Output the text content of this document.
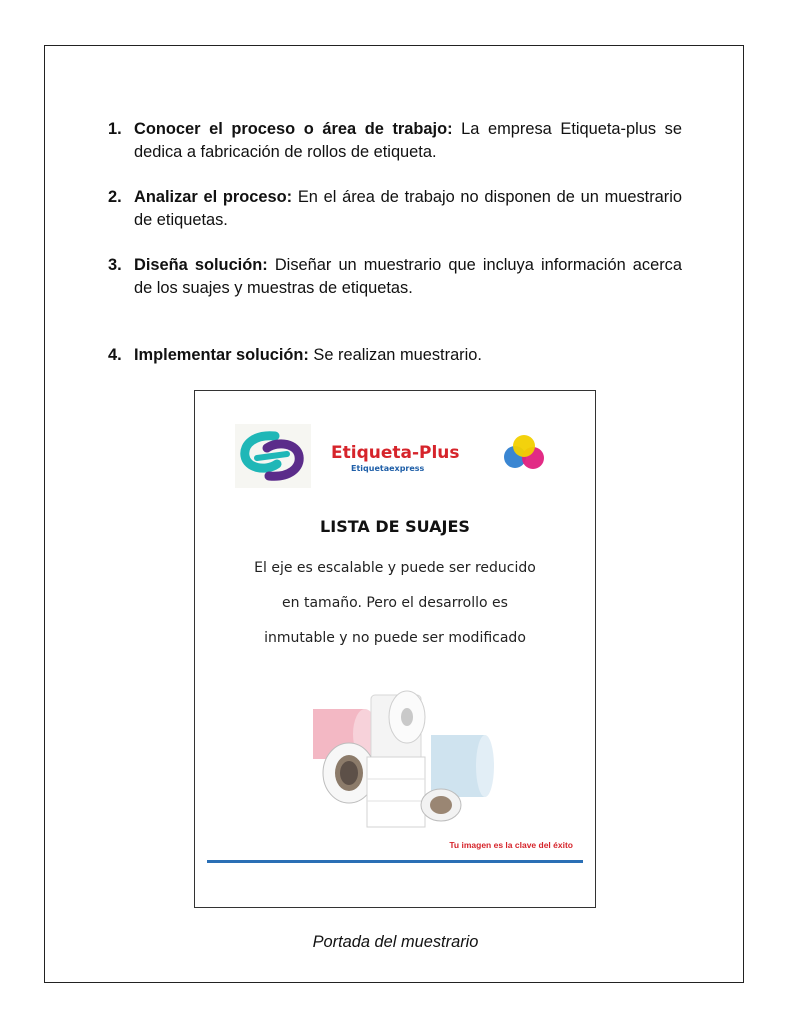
1. Conocer el proceso o área de trabajo: La empresa Etiqueta-plus se dedica a fabricación de rollos de etiqueta.
2. Analizar el proceso: En el área de trabajo no disponen de un muestrario de etiquetas.
3. Diseña solución: Diseñar un muestrario que incluya información acerca de los suajes y muestras de etiquetas.
4. Implementar solución: Se realizan muestrario.
Etiqueta-Plus
Etiquetaexpress
LISTA DE SUAJES
El eje es escalable y puede ser reducido
en tamaño. Pero el desarrollo es
inmutable y no puede ser modificado
Tu imagen es la clave del éxito
Portada del muestrario
